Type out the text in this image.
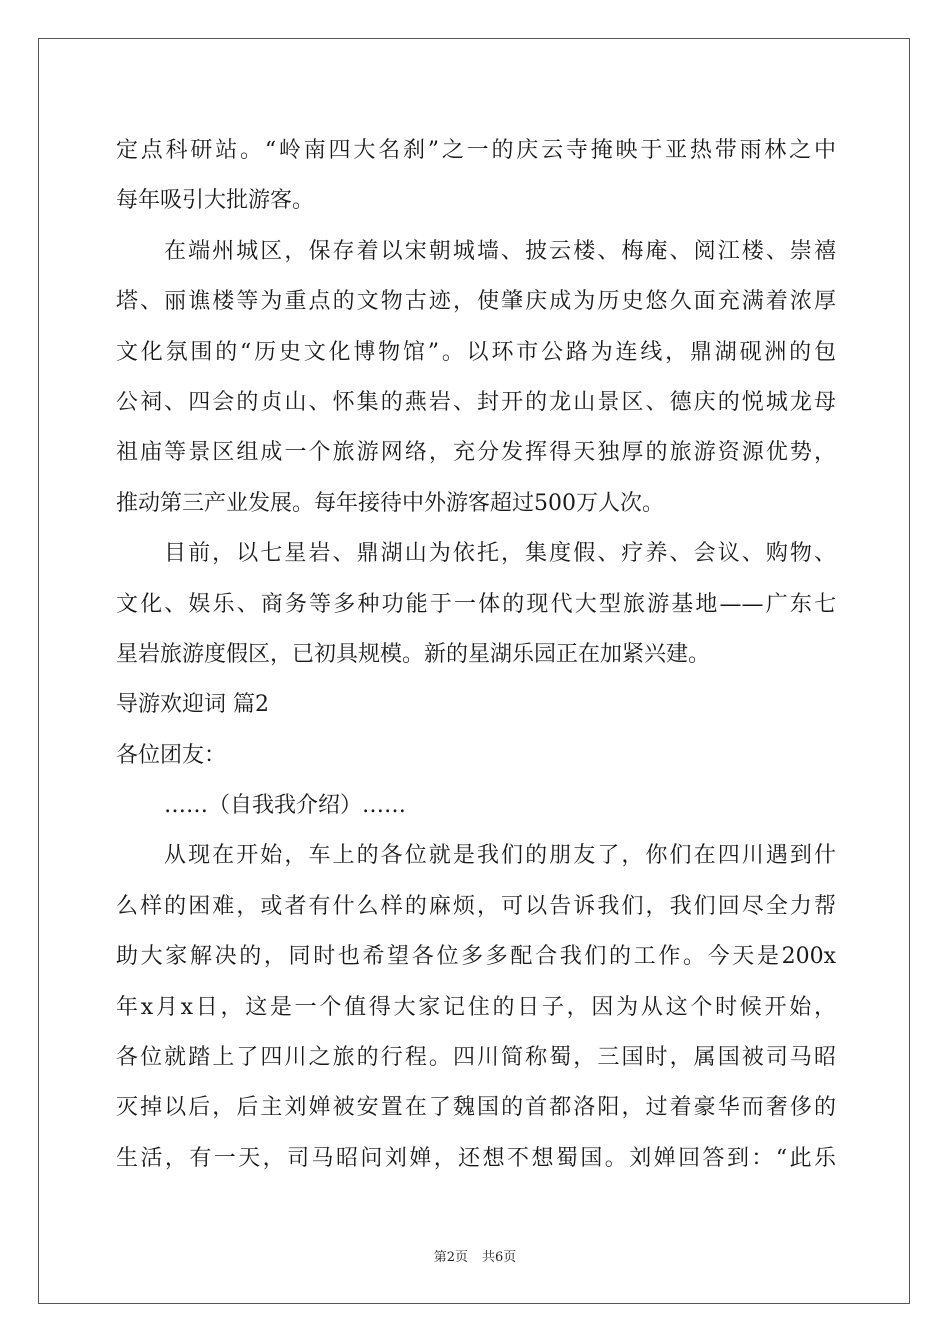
定点科研站。“岭南四大名刹”之一的庆云寺掩映于亚热带雨林之中
每年吸引大批游客。
在端州城区，保存着以宋朝城墙、披云楼、梅庵、阅江楼、崇禧
塔、丽谯楼等为重点的文物古迹，使肇庆成为历史悠久面充满着浓厚
文化氛围的“历史文化博物馆”。以环市公路为连线，鼎湖砚洲的包
公祠、四会的贞山、怀集的燕岩、封开的龙山景区、德庆的悦城龙母
祖庙等景区组成一个旅游网络，充分发挥得天独厚的旅游资源优势，
推动第三产业发展。每年接待中外游客超过500万人次。
目前，以七星岩、鼎湖山为依托，集度假、疗养、会议、购物、
文化、娱乐、商务等多种功能于一体的现代大型旅游基地——广东七
星岩旅游度假区，已初具规模。新的星湖乐园正在加紧兴建。
导游欢迎词 篇2
各位团友：
……（自我我介绍）……
从现在开始，车上的各位就是我们的朋友了，你们在四川遇到什
么样的困难，或者有什么样的麻烦，可以告诉我们，我们回尽全力帮
助大家解决的，同时也希望各位多多配合我们的工作。今天是200x
年x月x日，这是一个值得大家记住的日子，因为从这个时候开始，
各位就踏上了四川之旅的行程。四川简称蜀，三国时，属国被司马昭
灭掉以后，后主刘婵被安置在了魏国的首都洛阳，过着豪华而奢侈的
生活，有一天，司马昭问刘婵，还想不想蜀国。刘婵回答到：“此乐
第2页 共6页
